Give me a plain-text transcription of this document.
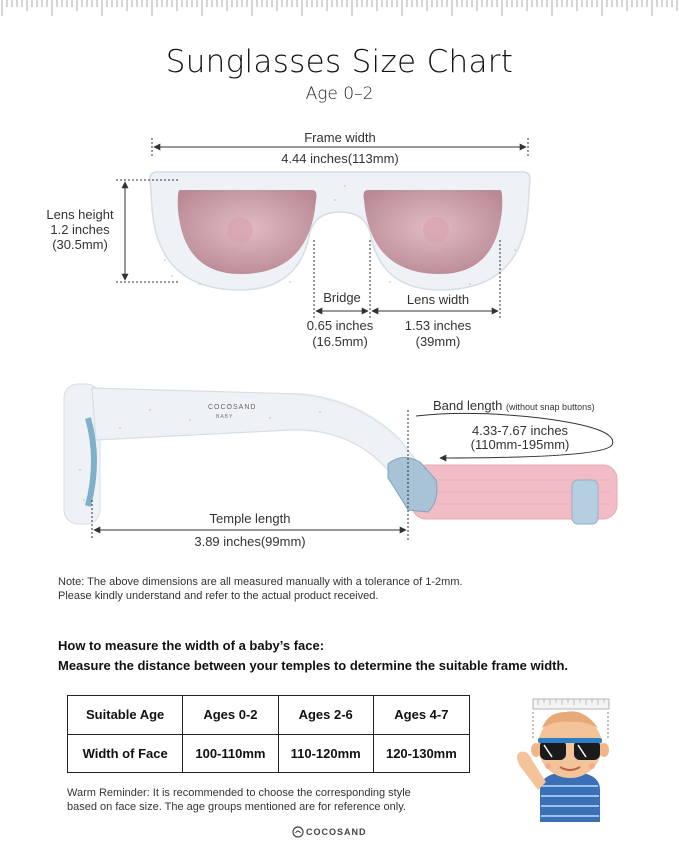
Sunglasses Size Chart
Age 0–2
COCOSAND
BABY
Frame width
4.44 inches(113mm)
Lens height
1.2 inches
(30.5mm)
Bridge
0.65 inches
(16.5mm)
Lens width
1.53 inches
(39mm)
Band length (without snap buttons)
4.33-7.67 inches
(110mm-195mm)
Temple length
3.89 inches(99mm)
Note: The above dimensions are all measured manually with a tolerance of 1-2mm.
Please kindly understand and refer to the actual product received.
How to measure the width of a baby’s face:
Measure the distance between your temples to determine the suitable frame width.
Suitable Age	Ages 0-2	Ages 2-6	Ages 4-7
Width of Face	100-110mm	110-120mm	120-130mm
Warm Reminder: It is recommended to choose the corresponding style
based on face size. The age groups mentioned are for reference only.
COCOSAND
